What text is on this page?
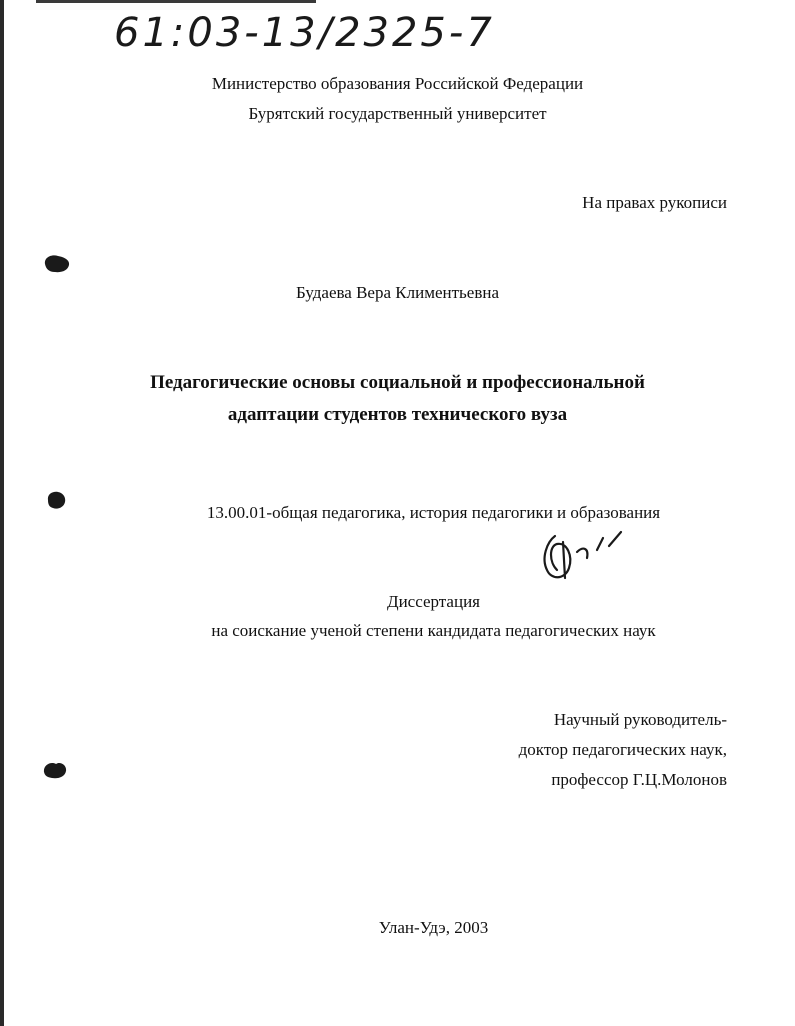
61:03-13/2325-7
Министерство образования Российской Федерации
Бурятский государственный университет
На правах рукописи
Будаева Вера Климентьевна
Педагогические основы социальной и профессиональной
адаптации студентов технического вуза
13.00.01-общая педагогика, история педагогики и образования
Диссертация
на соискание ученой степени кандидата педагогических наук
Научный руководитель-
доктор педагогических наук,
профессор Г.Ц.Молонов
Улан-Удэ, 2003
